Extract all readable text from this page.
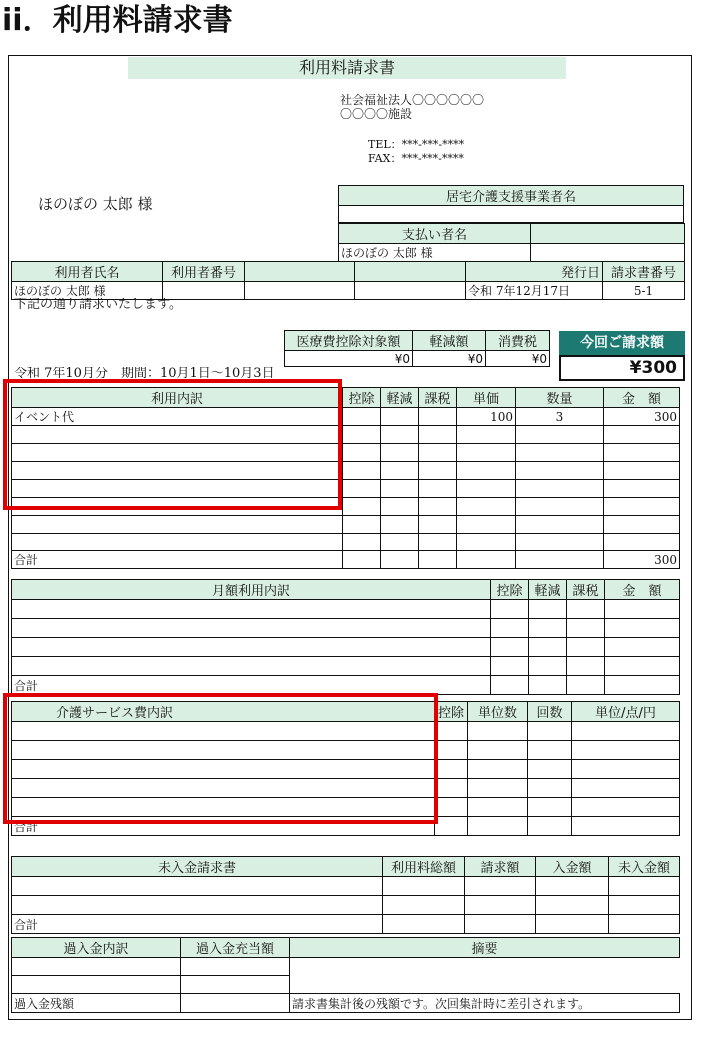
ii．利用料請求書
利用料請求書
社会福祉法人〇〇〇〇〇〇
〇〇〇〇施設
TEL：***-***-****
FAX：***-***-****
ほのぼの 太郎 様	居宅介護支援事業者名

支払い者名	
ほのぼの 太郎 様	
利用者氏名	利用者番号			発行日	請求書番号
ほのぼの 太郎 様				令和 7年12月17日	5-1
下記の通り請求いたします。
医療費控除対象額	軽減額	消費税
¥0	¥0	¥0
今回ご請求額
¥300
令和 7年10月分　期間：10月1日～10月3日
利用内訳	控除	軽減	課税	単価	数量	金　額
イベント代				100	3	300

合計						300
月額利用内訳	控除	軽減	課税	金　額

合計				
介護サービス費内訳	控除	単位数	回数	単位/点/円

合計				
未入金請求書	利用料総額	請求額	入金額	未入金額

合計				
過入金内訳	過入金充当額	摘要

過入金残額		請求書集計後の残額です。次回集計時に差引されます。
